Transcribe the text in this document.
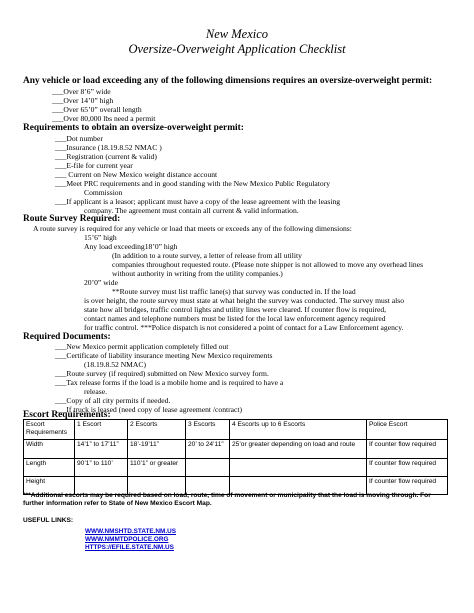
New Mexico
Oversize-Overweight Application Checklist
Any vehicle or load exceeding any of the following dimensions requires an oversize-overweight permit:
___Over 8’6” wide
___Over 14’0” high
___Over 65’0” overall length
___Over 80,000 lbs need a permit
Requirements to obtain an oversize-overweight permit:
___Dot number
___Insurance (18.19.8.52 NMAC )
___Registration (current & valid)
___E-file for current year
___ Current on New Mexico weight distance account
___Meet PRC requirements and in good standing with the New Mexico Public Regulatory
Commission
___If applicant is a leasor; applicant must have a copy of the lease agreement with the leasing
company. The agreement must contain all current & valid information.
Route Survey Required:
A route survey is required for any vehicle or load that meets or exceeds any of the following dimensions:
15’6” high
Any load exceeding18’0” high
(In addition to a route survey, a letter of release from all utility
companies throughout requested route. (Please note shipper is not allowed to move any overhead lines
without authority in writing from the utility companies.)
20’0” wide
**Route survey must list traffic lane(s) that survey was conducted in. If the load
is over height, the route survey must state at what height the survey was conducted. The survey must also
state how all bridges, traffic control lights and utility lines were cleared. If counter flow is required,
contact names and telephone numbers must be listed for the local law enforcement agency required
for traffic control. ***Police dispatch is not considered a point of contact for a Law Enforcement agency.
Required Documents:
___New Mexico permit application completely filled out
___Certificate of liability insurance meeting New Mexico requirements
(18.19.8.52 NMAC)
___Route survey (if required) submitted on New Mexico survey form.
___Tax release forms if the load is a mobile home and is required to have a
release.
___Copy of all city permits if needed.
___If truck is leased (need copy of lease agreement /contract)
Escort Requirements:
Escort Requirements	1 Escort	2 Escorts	3 Escorts	4 Escorts up to 6 Escorts	Police Escort
Width	14’1” to 17’11”	18’-19’11”	20’ to 24’11”	25’or greater depending on load and route	If counter flow required
Length	90’1” to 110’	110’1” or greater			If counter flow required
Height					If counter flow required
***Additional escorts may be required based on load, route, time of movement or municipality that the load is moving through. For further information refer to State of New Mexico Escort Map.
USEFUL LINKS:
WWW.NMSHTD.STATE.NM.US
WWW.NMMTDPOLICE.ORG
HTTPS://EFILE.STATE.NM.US
